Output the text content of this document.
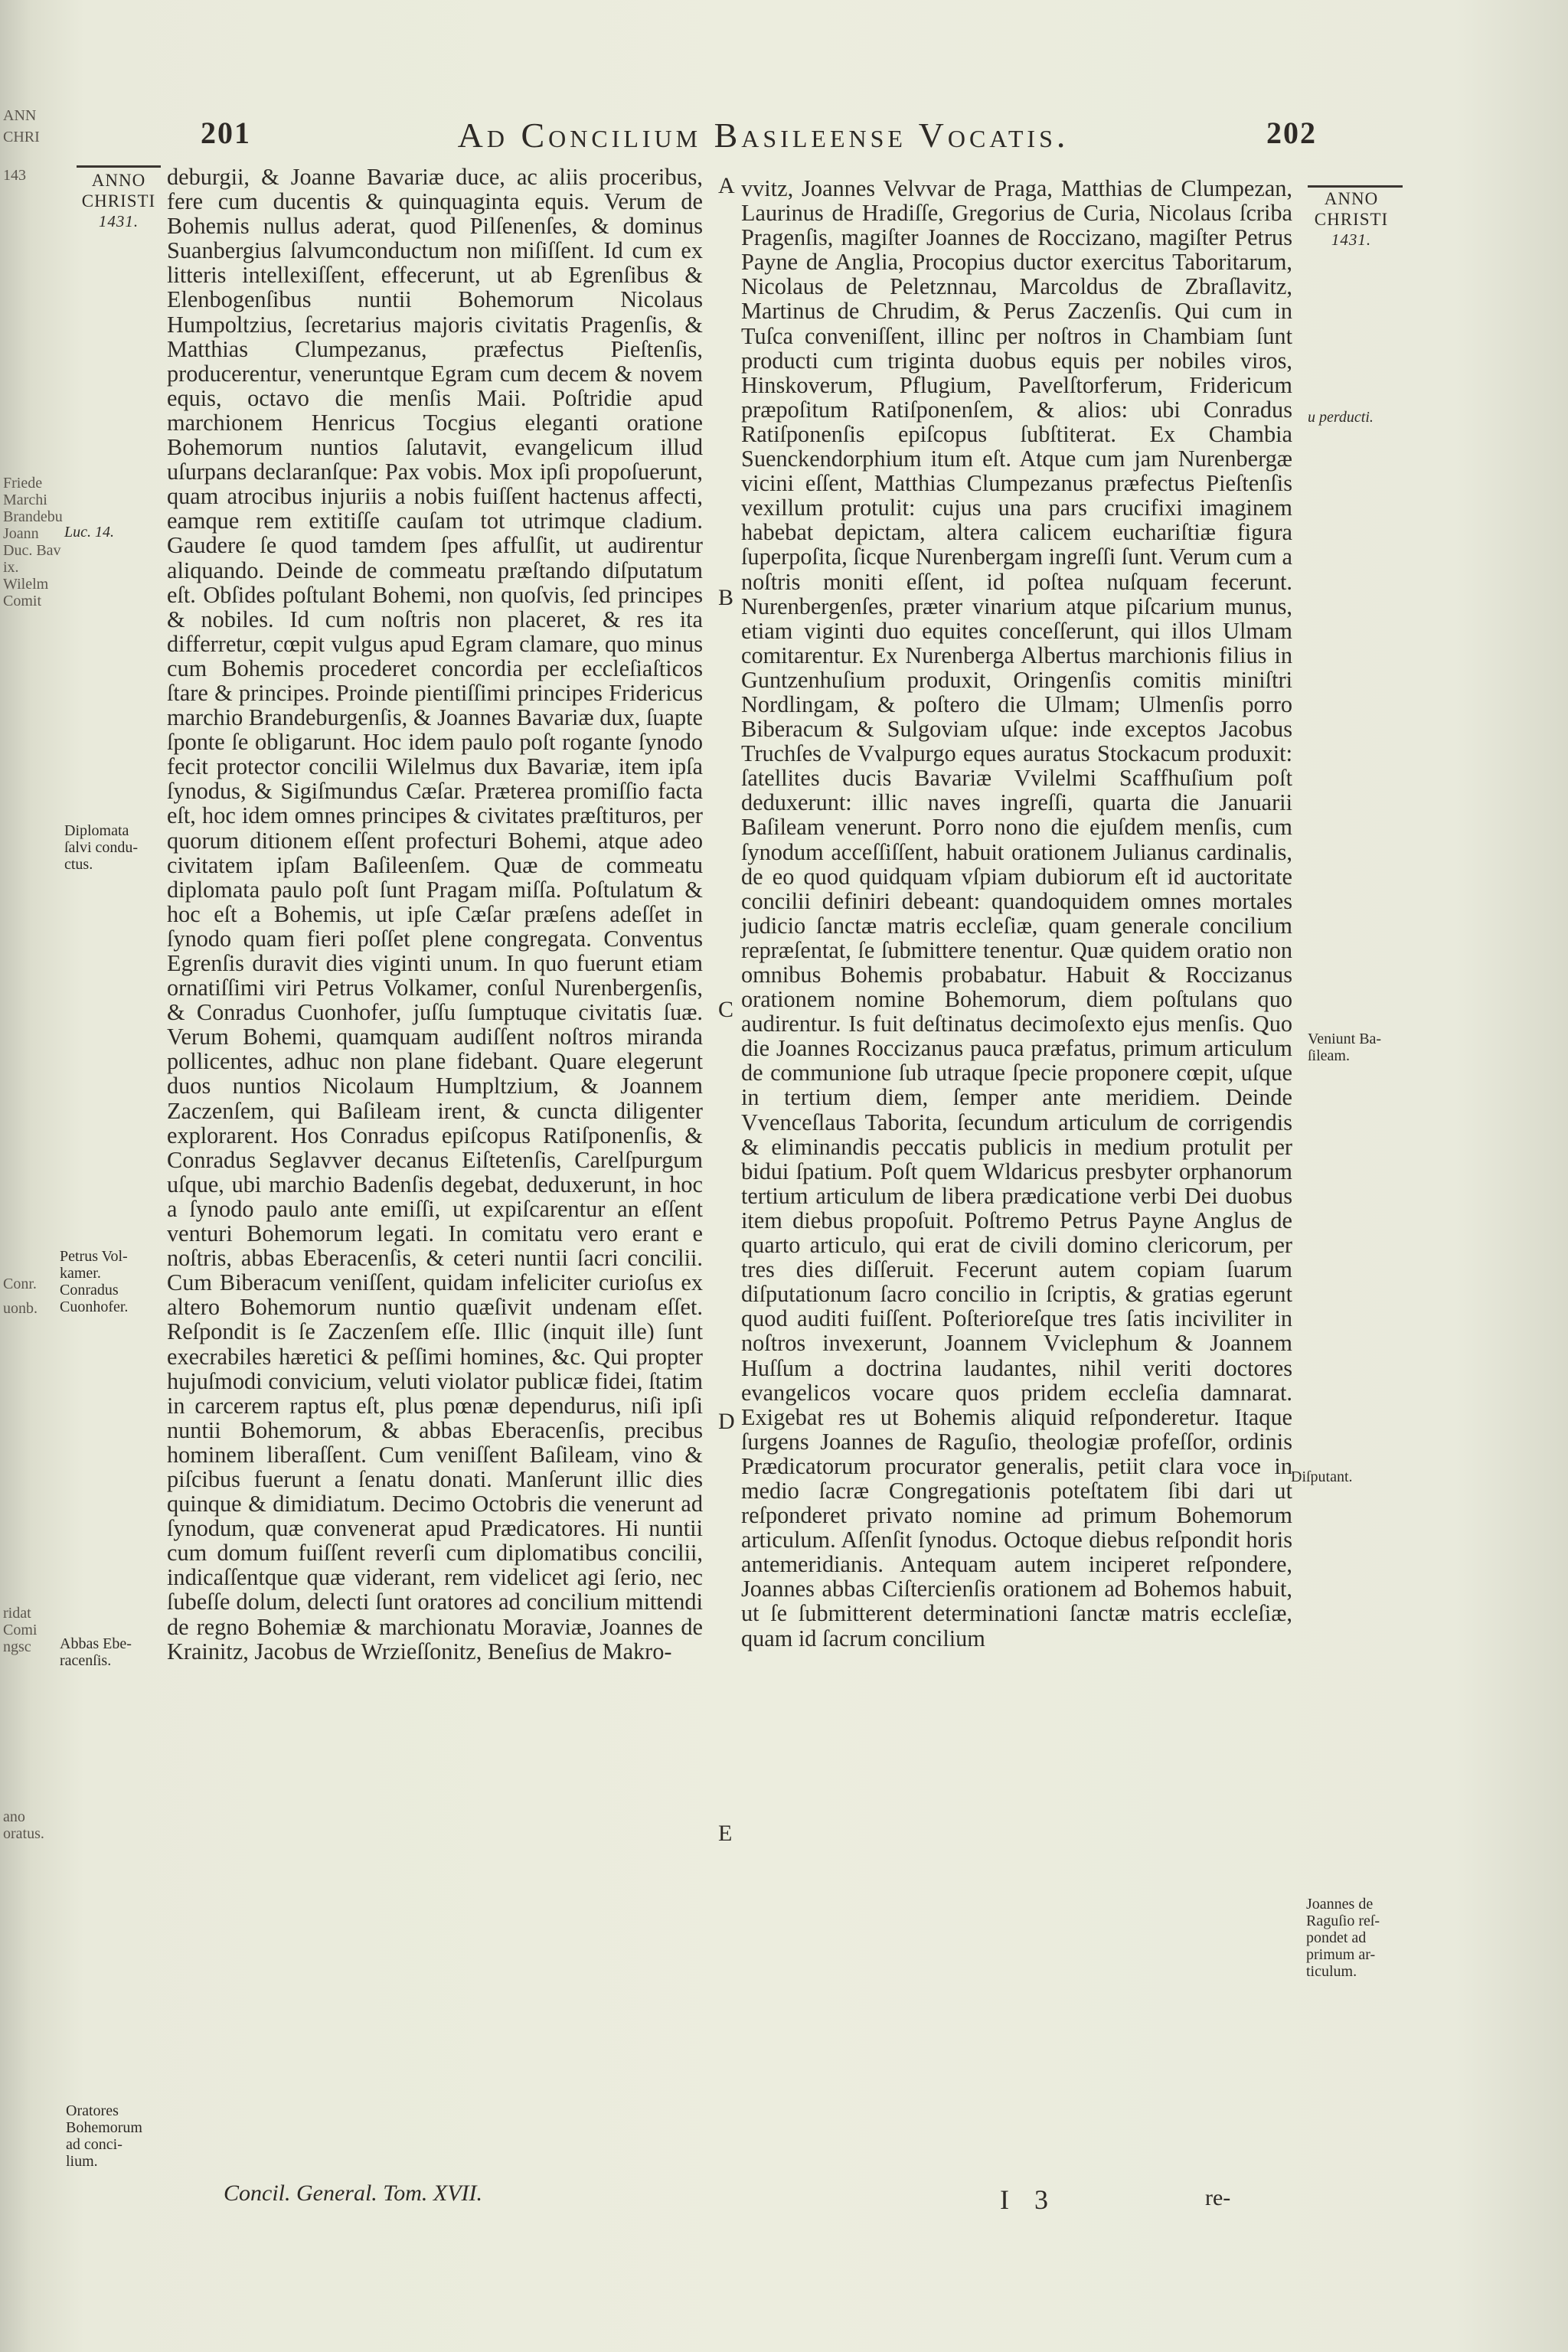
ANN
CHRI
143
Friede
Marchi
Brandebu
Joann
Duc. Bav
ix.
Wilelm
Comit
Conr.
uonb.
ridat
Comi
ngsc
ano
oratus.
201	Ad Concilium Basileense Vocatis.	202
ANNO
CHRISTI
1431.
ANNO
CHRISTI
1431.

deburgii, & Joanne Bavariæ duce, ac aliis proceribus, fere cum ducentis & quinquaginta equis. Verum de Bohemis nullus aderat, quod Pilſenenſes, & dominus Suanbergius ſalvumconductum non miſiſſent. Id cum ex litteris intellexiſſent, effecerunt, ut ab Egrenſibus & Elenbogenſibus nuntii Bohemorum Nicolaus Humpoltzius, ſecretarius majoris civitatis Pragenſis, & Matthias Clumpezanus, præfectus Pieſtenſis, producerentur, veneruntque Egram cum decem & novem equis, octavo die menſis Maii. Poſtridie apud marchionem Henricus Tocgius eleganti oratione Bohemorum nuntios ſalutavit, evangelicum illud uſurpans declaranſque: Pax vobis. Mox ipſi propoſuerunt, quam atrocibus injuriis a nobis fuiſſent hactenus affecti, eamque rem extitiſſe cauſam tot utrimque cladium. Gaudere ſe quod tamdem ſpes affulſit, ut audirentur aliquando. Deinde de commeatu præſtando diſputatum eſt. Obſides poſtulant Bohemi, non quoſvis, ſed principes & nobiles. Id cum noſtris non placeret, & res ita differretur, cœpit vulgus apud Egram clamare, quo minus cum Bohemis procederet concordia per eccleſiaſticos ſtare & principes. Proinde pientiſſimi principes Fridericus marchio Brandeburgenſis, & Joannes Bavariæ dux, ſuapte ſponte ſe obligarunt. Hoc idem paulo poſt rogante ſynodo fecit protector concilii Wilelmus dux Bavariæ, item ipſa ſynodus, & Sigiſmundus Cæſar. Præterea promiſſio facta eſt, hoc idem omnes principes & civitates præſtituros, per quorum ditionem eſſent profecturi Bohemi, atque adeo civitatem ipſam Baſileenſem. Quæ de commeatu diplomata paulo poſt ſunt Pragam miſſa. Poſtulatum & hoc eſt a Bohemis, ut ipſe Cæſar præſens adeſſet in ſynodo quam fieri poſſet plene congregata. Conventus Egrenſis duravit dies viginti unum. In quo fuerunt etiam ornatiſſimi viri Petrus Volkamer, conſul Nurenbergenſis, & Conradus Cuonhofer, juſſu ſumptuque civitatis ſuæ. Verum Bohemi, quamquam audiſſent noſtros miranda pollicentes, adhuc non plane fidebant. Quare elegerunt duos nuntios Nicolaum Humpltzium, & Joannem Zaczenſem, qui Baſileam irent, & cuncta diligenter explorarent. Hos Conradus epiſcopus Ratiſponenſis, & Conradus Seglavver decanus Eiſtetenſis, Carelſpurgum uſque, ubi marchio Badenſis degebat, deduxerunt, in hoc a ſynodo paulo ante emiſſi, ut expiſcarentur an eſſent venturi Bohemorum legati. In comitatu vero erant e noſtris, abbas Eberacenſis, & ceteri nuntii ſacri concilii. Cum Biberacum veniſſent, quidam infeliciter curioſus ex altero Bohemorum nuntio quæſivit undenam eſſet. Reſpondit is ſe Zaczenſem eſſe. Illic (inquit ille) ſunt execrabiles hæretici & peſſimi homines, &c. Qui propter hujuſmodi convicium, veluti violator publicæ fidei, ſtatim in carcerem raptus eſt, plus pœnæ dependurus, niſi ipſi nuntii Bohemorum, & abbas Eberacenſis, precibus hominem liberaſſent. Cum veniſſent Baſileam, vino & piſcibus fuerunt a ſenatu donati. Manſerunt illic dies quinque & dimidiatum. Decimo Octobris die venerunt ad ſynodum, quæ convenerat apud Prædicatores. Hi nuntii cum domum fuiſſent reverſi cum diplomatibus concilii, indicaſſentque quæ viderant, rem videlicet agi ſerio, nec ſubeſſe dolum, delecti ſunt oratores ad concilium mittendi de regno Bohemiæ & marchionatu Moraviæ, Joannes de Krainitz, Jacobus de Wrzieſſonitz, Beneſius de Makro-

vvitz, Joannes Velvvar de Praga, Matthias de Clumpezan, Laurinus de Hradiſſe, Gregorius de Curia, Nicolaus ſcriba Pragenſis, magiſter Joannes de Roccizano, magiſter Petrus Payne de Anglia, Procopius ductor exercitus Taboritarum, Nicolaus de Peletznnau, Marcoldus de Zbraſlavitz, Martinus de Chrudim, & Perus Zaczenſis. Qui cum in Tuſca conveniſſent, illinc per noſtros in Chambiam ſunt producti cum triginta duobus equis per nobiles viros, Hinskoverum, Pflugium, Pavelſtorferum, Fridericum præpoſitum Ratiſponenſem, & alios: ubi Conradus Ratiſponenſis epiſcopus ſubſtiterat. Ex Chambia Suenckendorphium itum eſt. Atque cum jam Nurenbergæ vicini eſſent, Matthias Clumpezanus præfectus Pieſtenſis vexillum protulit: cujus una pars crucifixi imaginem habebat depictam, altera calicem euchariſtiæ figura ſuperpoſita, ſicque Nurenbergam ingreſſi ſunt. Verum cum a noſtris moniti eſſent, id poſtea nuſquam fecerunt. Nurenbergenſes, præter vinarium atque piſcarium munus, etiam viginti duo equites conceſſerunt, qui illos Ulmam comitarentur. Ex Nurenberga Albertus marchionis filius in Guntzenhuſium produxit, Oringenſis comitis miniſtri Nordlingam, & poſtero die Ulmam; Ulmenſis porro Biberacum & Sulgoviam uſque: inde exceptos Jacobus Truchſes de Vvalpurgo eques auratus Stockacum produxit: ſatellites ducis Bavariæ Vvilelmi Scaffhuſium poſt deduxerunt: illic naves ingreſſi, quarta die Januarii Baſileam venerunt. Porro nono die ejuſdem menſis, cum ſynodum acceſſiſſent, habuit orationem Julianus cardinalis, de eo quod quidquam vſpiam dubiorum eſt id auctoritate concilii definiri debeant: quandoquidem omnes mortales judicio ſanctæ matris eccleſiæ, quam generale concilium repræſentat, ſe ſubmittere tenentur. Quæ quidem oratio non omnibus Bohemis probabatur. Habuit & Roccizanus orationem nomine Bohemorum, diem poſtulans quo audirentur. Is fuit deſtinatus decimoſexto ejus menſis. Quo die Joannes Roccizanus pauca præfatus, primum articulum de communione ſub utraque ſpecie proponere cœpit, uſque in tertium diem, ſemper ante meridiem. Deinde Vvenceſlaus Taborita, ſecundum articulum de corrigendis & eliminandis peccatis publicis in medium protulit per bidui ſpatium. Poſt quem Wldaricus presbyter orphanorum tertium articulum de libera prædicatione verbi Dei duobus item diebus propoſuit. Poſtremo Petrus Payne Anglus de quarto articulo, qui erat de civili domino clericorum, per tres dies diſſeruit. Fecerunt autem copiam ſuarum diſputationum ſacro concilio in ſcriptis, & gratias egerunt quod auditi fuiſſent. Poſterioreſque tres ſatis inciviliter in noſtros invexerunt, Joannem Vviclephum & Joannem Huſſum a doctrina laudantes, nihil veriti doctores evangelicos vocare quos pridem eccleſia damnarat. Exigebat res ut Bohemis aliquid reſponderetur. Itaque ſurgens Joannes de Raguſio, theologiæ profeſſor, ordinis Prædicatorum procurator generalis, petiit clara voce in medio ſacræ Congregationis poteſtatem ſibi dari ut reſponderet privato nomine ad primum Bohemorum articulum. Aſſenſit ſynodus. Octoque diebus reſpondit horis antemeridianis. Antequam autem inciperet reſpondere, Joannes abbas Ciſtercienſis orationem ad Bohemos habuit, ut ſe ſubmitterent determinationi ſanctæ matris eccleſiæ, quam id ſacrum concilium

Luc. 14.
Diplomata
ſalvi condu-
ctus.
Petrus Vol-
kamer.
Conradus
Cuonhofer.
Abbas Ebe-
racenſis.
Oratores
Bohemorum
ad conci-
lium.
u perducti.
Veniunt Ba-
ſileam.
Diſputant.
Joannes de
Raguſio reſ-
pondet ad
primum ar-
ticulum.
A
B
C
D
E
Concil. General. Tom. XVII.	I 3	re-
